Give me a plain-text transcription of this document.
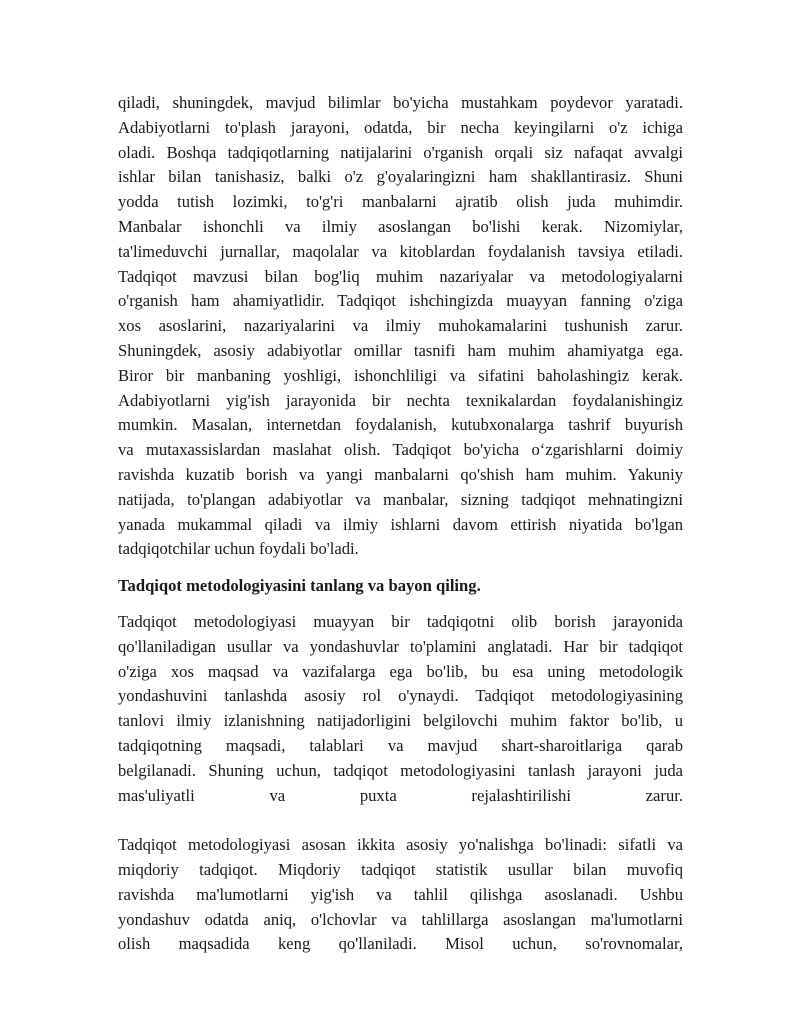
qiladi, shuningdek, mavjud bilimlar bo'yicha mustahkam poydevor yaratadi.
Adabiyotlarni to'plash jarayoni, odatda, bir necha keyingilarni o'z ichiga
oladi. Boshqa tadqiqotlarning natijalarini o'rganish orqali siz nafaqat avvalgi
ishlar bilan tanishasiz, balki o'z g'oyalaringizni ham shakllantirasiz. Shuni
yodda tutish lozimki, to'g'ri manbalarni ajratib olish juda muhimdir.
Manbalar ishonchli va ilmiy asoslangan bo'lishi kerak. Nizomiylar,
ta'limeduvchi jurnallar, maqolalar va kitoblardan foydalanish tavsiya etiladi.
Tadqiqot mavzusi bilan bog'liq muhim nazariyalar va metodologiyalarni
o'rganish ham ahamiyatlidir. Tadqiqot ishchingizda muayyan fanning o'ziga
xos asoslarini, nazariyalarini va ilmiy muhokamalarini tushunish zarur.
Shuningdek, asosiy adabiyotlar omillar tasnifi ham muhim ahamiyatga ega.
Biror bir manbaning yoshligi, ishonchliligi va sifatini baholashingiz kerak.
Adabiyotlarni yig'ish jarayonida bir nechta texnikalardan foydalanishingiz
mumkin. Masalan, internetdan foydalanish, kutubxonalarga tashrif buyurish
va mutaxassislardan maslahat olish. Tadqiqot bo'yicha o‘zgarishlarni doimiy
ravishda kuzatib borish va yangi manbalarni qo'shish ham muhim. Yakuniy
natijada, to'plangan adabiyotlar va manbalar, sizning tadqiqot mehnatingizni
yanada mukammal qiladi va ilmiy ishlarni davom ettirish niyatida bo'lgan
tadqiqotchilar uchun foydali bo'ladi.
Tadqiqot metodologiyasini tanlang va bayon qiling.
Tadqiqot metodologiyasi muayyan bir tadqiqotni olib borish jarayonida
qo'llaniladigan usullar va yondashuvlar to'plamini anglatadi. Har bir tadqiqot
o'ziga xos maqsad va vazifalarga ega bo'lib, bu esa uning metodologik
yondashuvini tanlashda asosiy rol o'ynaydi. Tadqiqot metodologiyasining
tanlovi ilmiy izlanishning natijadorligini belgilovchi muhim faktor bo'lib, u
tadqiqotning maqsadi, talablari va mavjud shart-sharoitlariga qarab
belgilanadi. Shuning uchun, tadqiqot metodologiyasini tanlash jarayoni juda
mas'uliyatli va puxta rejalashtirilishi zarur.
Tadqiqot metodologiyasi asosan ikkita asosiy yo'nalishga bo'linadi: sifatli va
miqdoriy tadqiqot. Miqdoriy tadqiqot statistik usullar bilan muvofiq
ravishda ma'lumotlarni yig'ish va tahlil qilishga asoslanadi. Ushbu
yondashuv odatda aniq, o'lchovlar va tahlillarga asoslangan ma'lumotlarni
olish maqsadida keng qo'llaniladi. Misol uchun, so'rovnomalar,
